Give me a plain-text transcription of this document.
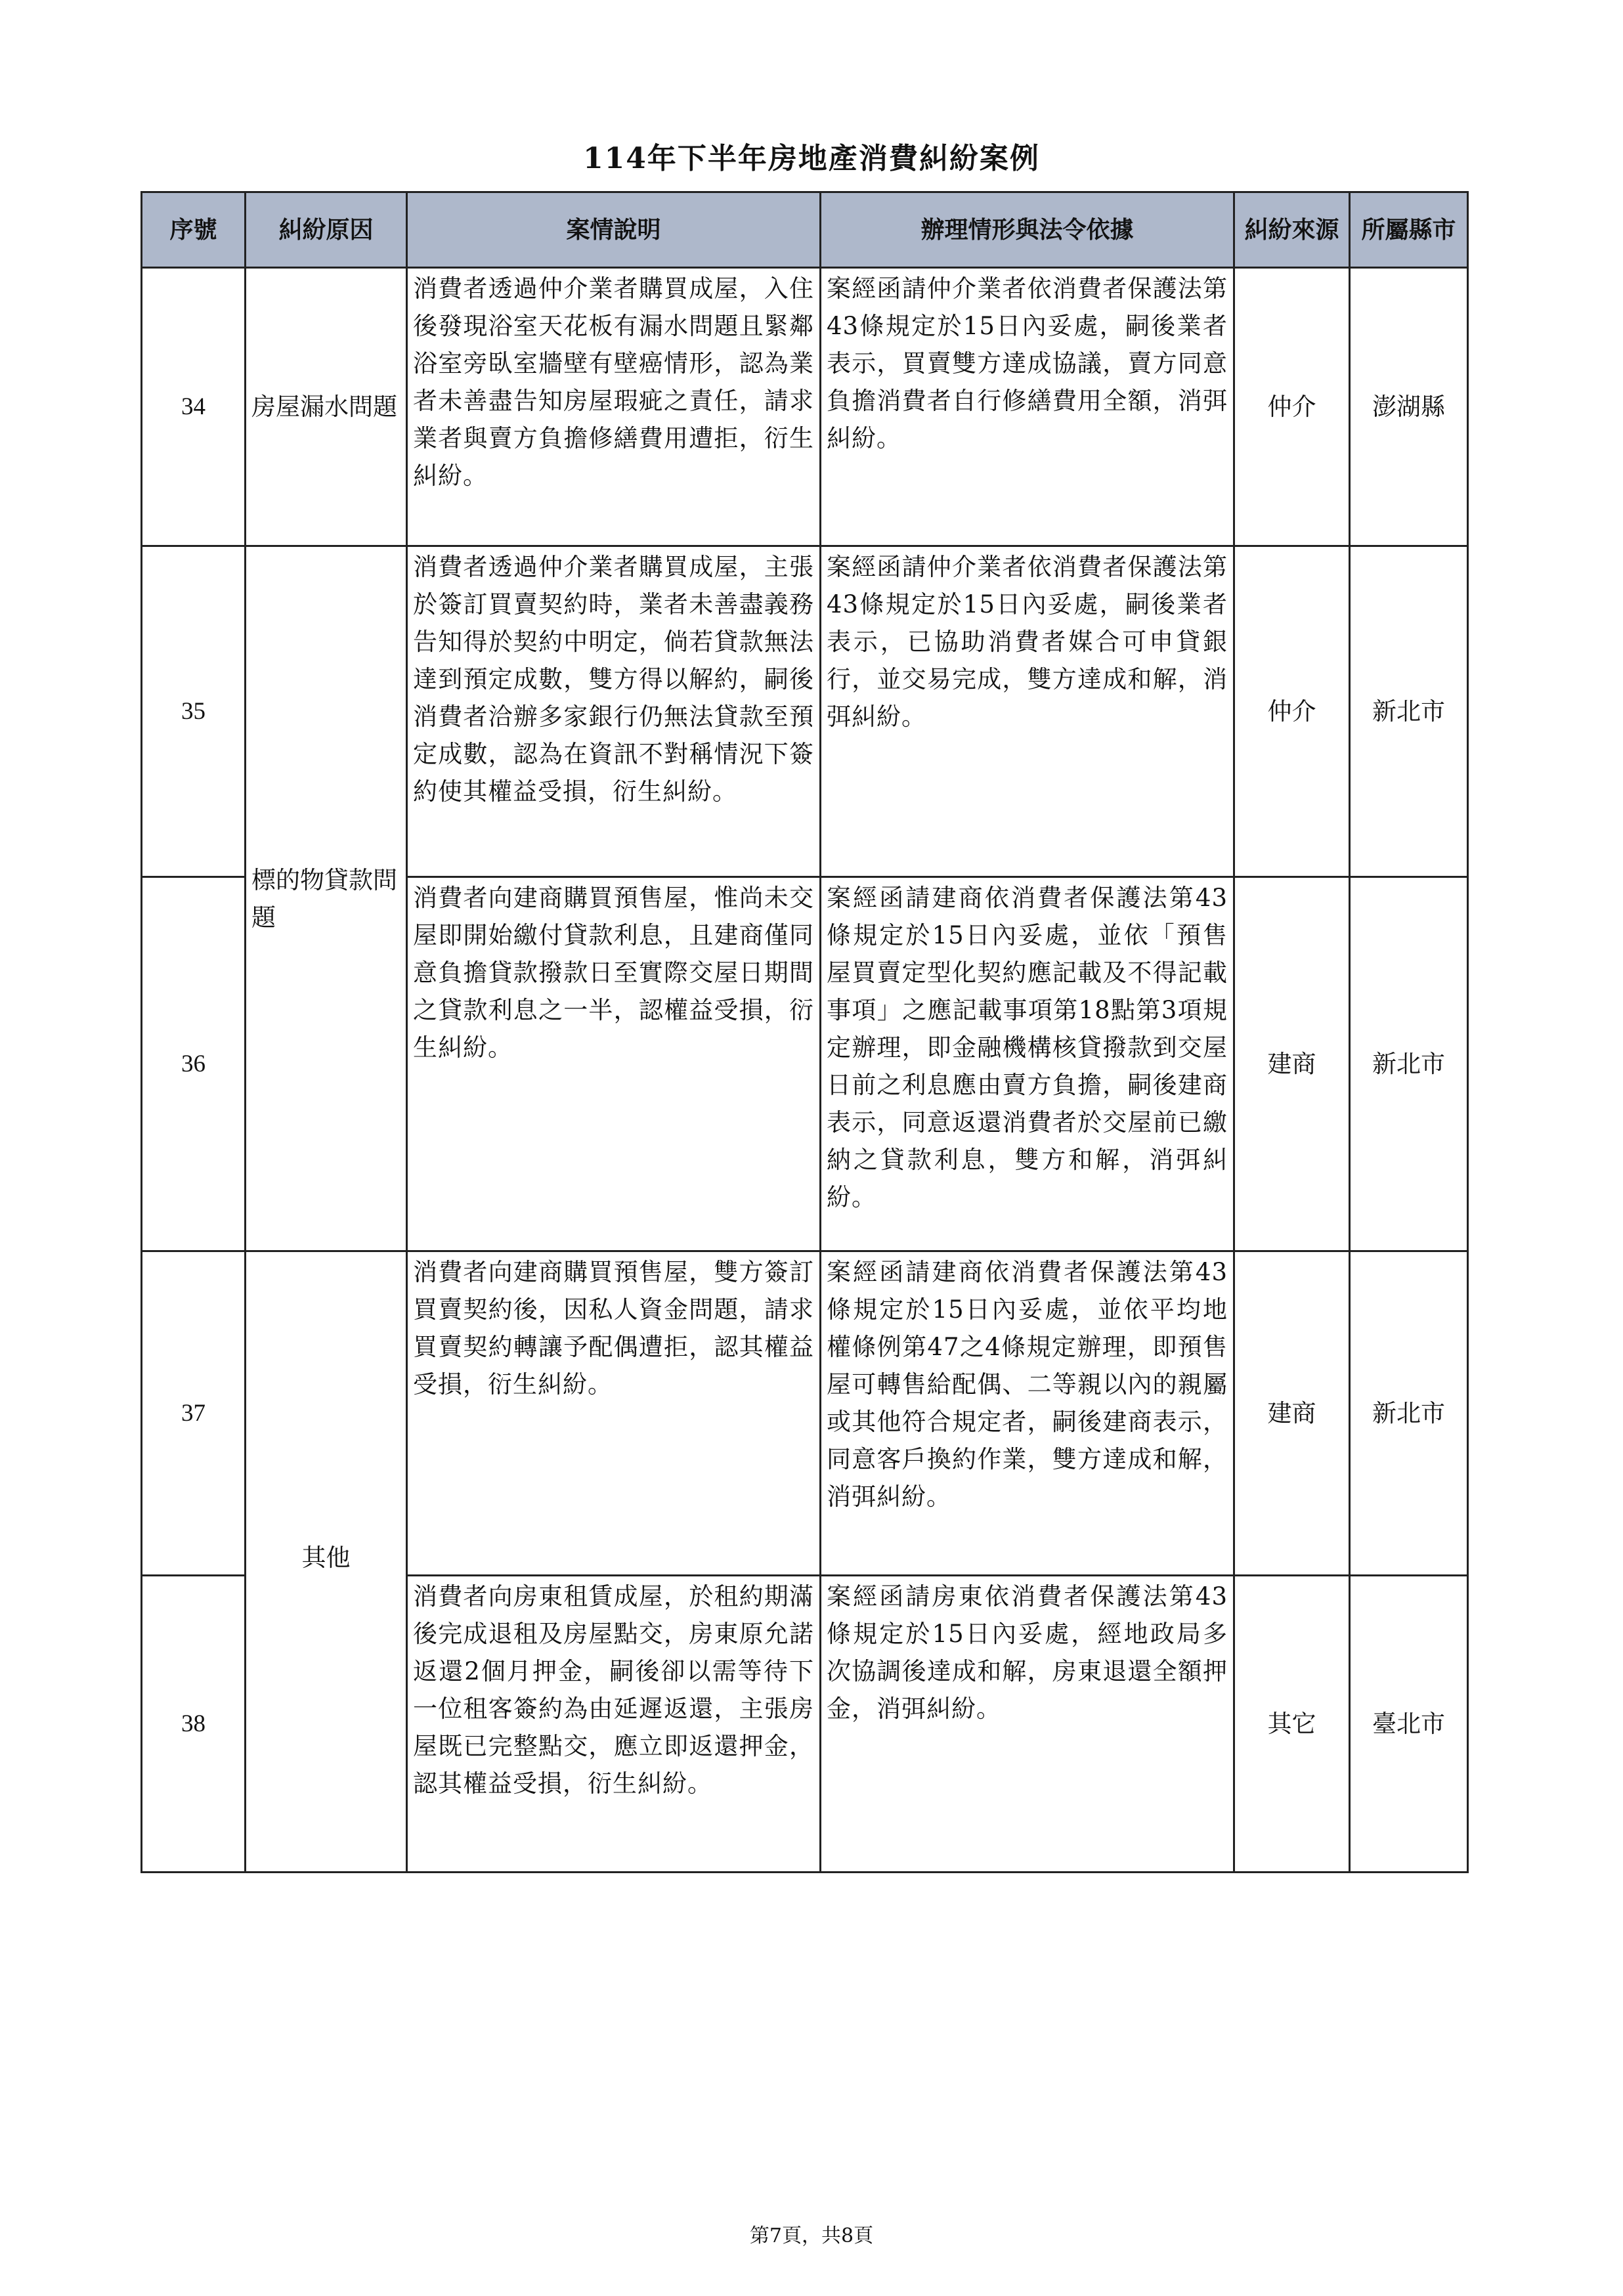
114年下半年房地產消費糾紛案例
序號	糾紛原因	案情說明	辦理情形與法令依據	糾紛來源	所屬縣市
34	房屋漏水問題	消費者透過仲介業者購買成屋，入住後發現浴室天花板有漏水問題且緊鄰浴室旁臥室牆壁有壁癌情形，認為業者未善盡告知房屋瑕疵之責任，請求業者與賣方負擔修繕費用遭拒，衍生糾紛。	案經函請仲介業者依消費者保護法第43條規定於15日內妥處，嗣後業者表示，買賣雙方達成協議，賣方同意負擔消費者自行修繕費用全額，消弭糾紛。	仲介	澎湖縣
35	標的物貸款問題	消費者透過仲介業者購買成屋，主張於簽訂買賣契約時，業者未善盡義務告知得於契約中明定，倘若貸款無法達到預定成數，雙方得以解約，嗣後消費者洽辦多家銀行仍無法貸款至預定成數，認為在資訊不對稱情況下簽約使其權益受損，衍生糾紛。	案經函請仲介業者依消費者保護法第43條規定於15日內妥處，嗣後業者表示，已協助消費者媒合可申貸銀行，並交易完成，雙方達成和解，消弭糾紛。	仲介	新北市
36		消費者向建商購買預售屋，惟尚未交屋即開始繳付貸款利息，且建商僅同意負擔貸款撥款日至實際交屋日期間之貸款利息之一半，認權益受損，衍生糾紛。	案經函請建商依消費者保護法第43條規定於15日內妥處，並依「預售屋買賣定型化契約應記載及不得記載事項」之應記載事項第18點第3項規定辦理，即金融機構核貸撥款到交屋日前之利息應由賣方負擔，嗣後建商表示，同意返還消費者於交屋前已繳納之貸款利息，雙方和解，消弭糾紛。	建商	新北市
37	其他	消費者向建商購買預售屋，雙方簽訂買賣契約後，因私人資金問題，請求買賣契約轉讓予配偶遭拒，認其權益受損，衍生糾紛。	案經函請建商依消費者保護法第43條規定於15日內妥處，並依平均地權條例第47之4條規定辦理，即預售屋可轉售給配偶、二等親以內的親屬或其他符合規定者，嗣後建商表示，同意客戶換約作業，雙方達成和解，消弭糾紛。	建商	新北市
38		消費者向房東租賃成屋，於租約期滿後完成退租及房屋點交，房東原允諾返還2個月押金，嗣後卻以需等待下一位租客簽約為由延遲返還，主張房屋既已完整點交，應立即返還押金，認其權益受損，衍生糾紛。	案經函請房東依消費者保護法第43條規定於15日內妥處，經地政局多次協調後達成和解，房東退還全額押金，消弭糾紛。	其它	臺北市
第7頁，共8頁
